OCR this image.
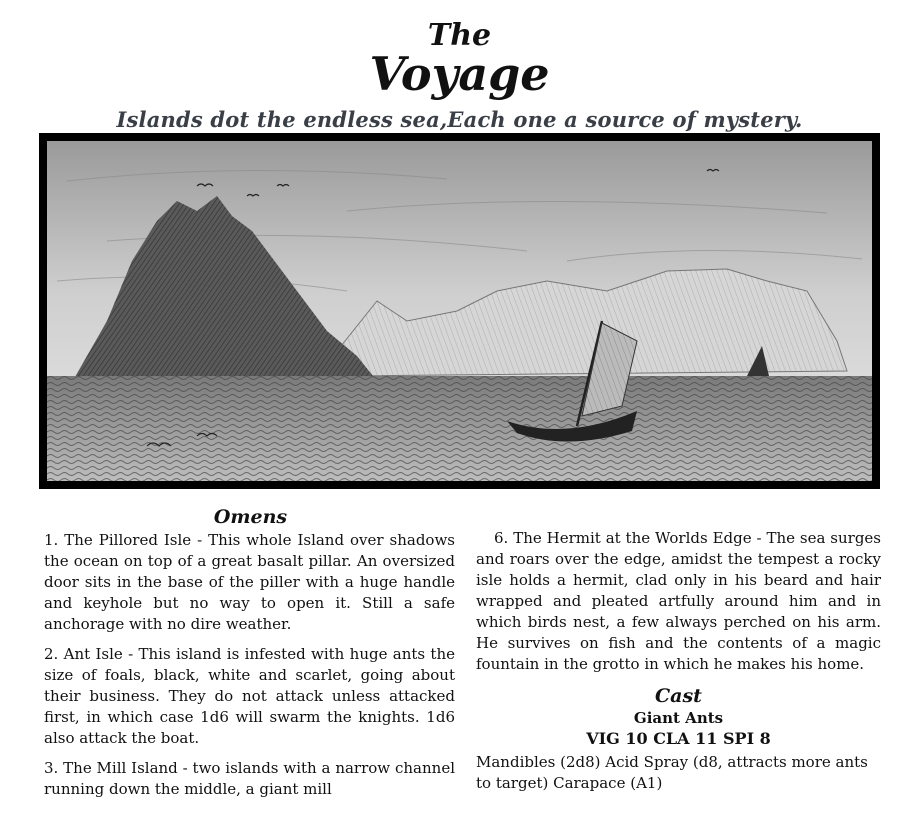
The
Voyage
Islands dot the endless sea,Each one a source of mystery.
Omens

1. The Pillored Isle - This whole Island over shadows the ocean on top of a great basalt pillar. An oversized door sits in the base of the piller with a huge handle and keyhole but no way to open it. Still a safe anchorage with no dire weather.

2. Ant Isle - This island is infested with huge ants the size of foals, black, white and scarlet, going about their business. They do not attack unless attacked first, in which case 1d6 will swarm the knights. 1d6 also attack the boat.

3. The Mill Island - two islands with a narrow channel running down the middle, a giant mill

6. The Hermit at the Worlds Edge - The sea surges and roars over the edge, amidst the tempest a rocky isle holds a hermit, clad only in his beard and hair wrapped and pleated artfully around him and in which birds nest, a few always perched on his arm. He survives on fish and the contents of a magic fountain in the grotto in which he makes his home.

Cast
Giant Ants
VIG 10 CLA 11 SPI 8
Mandibles (2d8) Acid Spray (d8, attracts more ants to target) Carapace (A1)
